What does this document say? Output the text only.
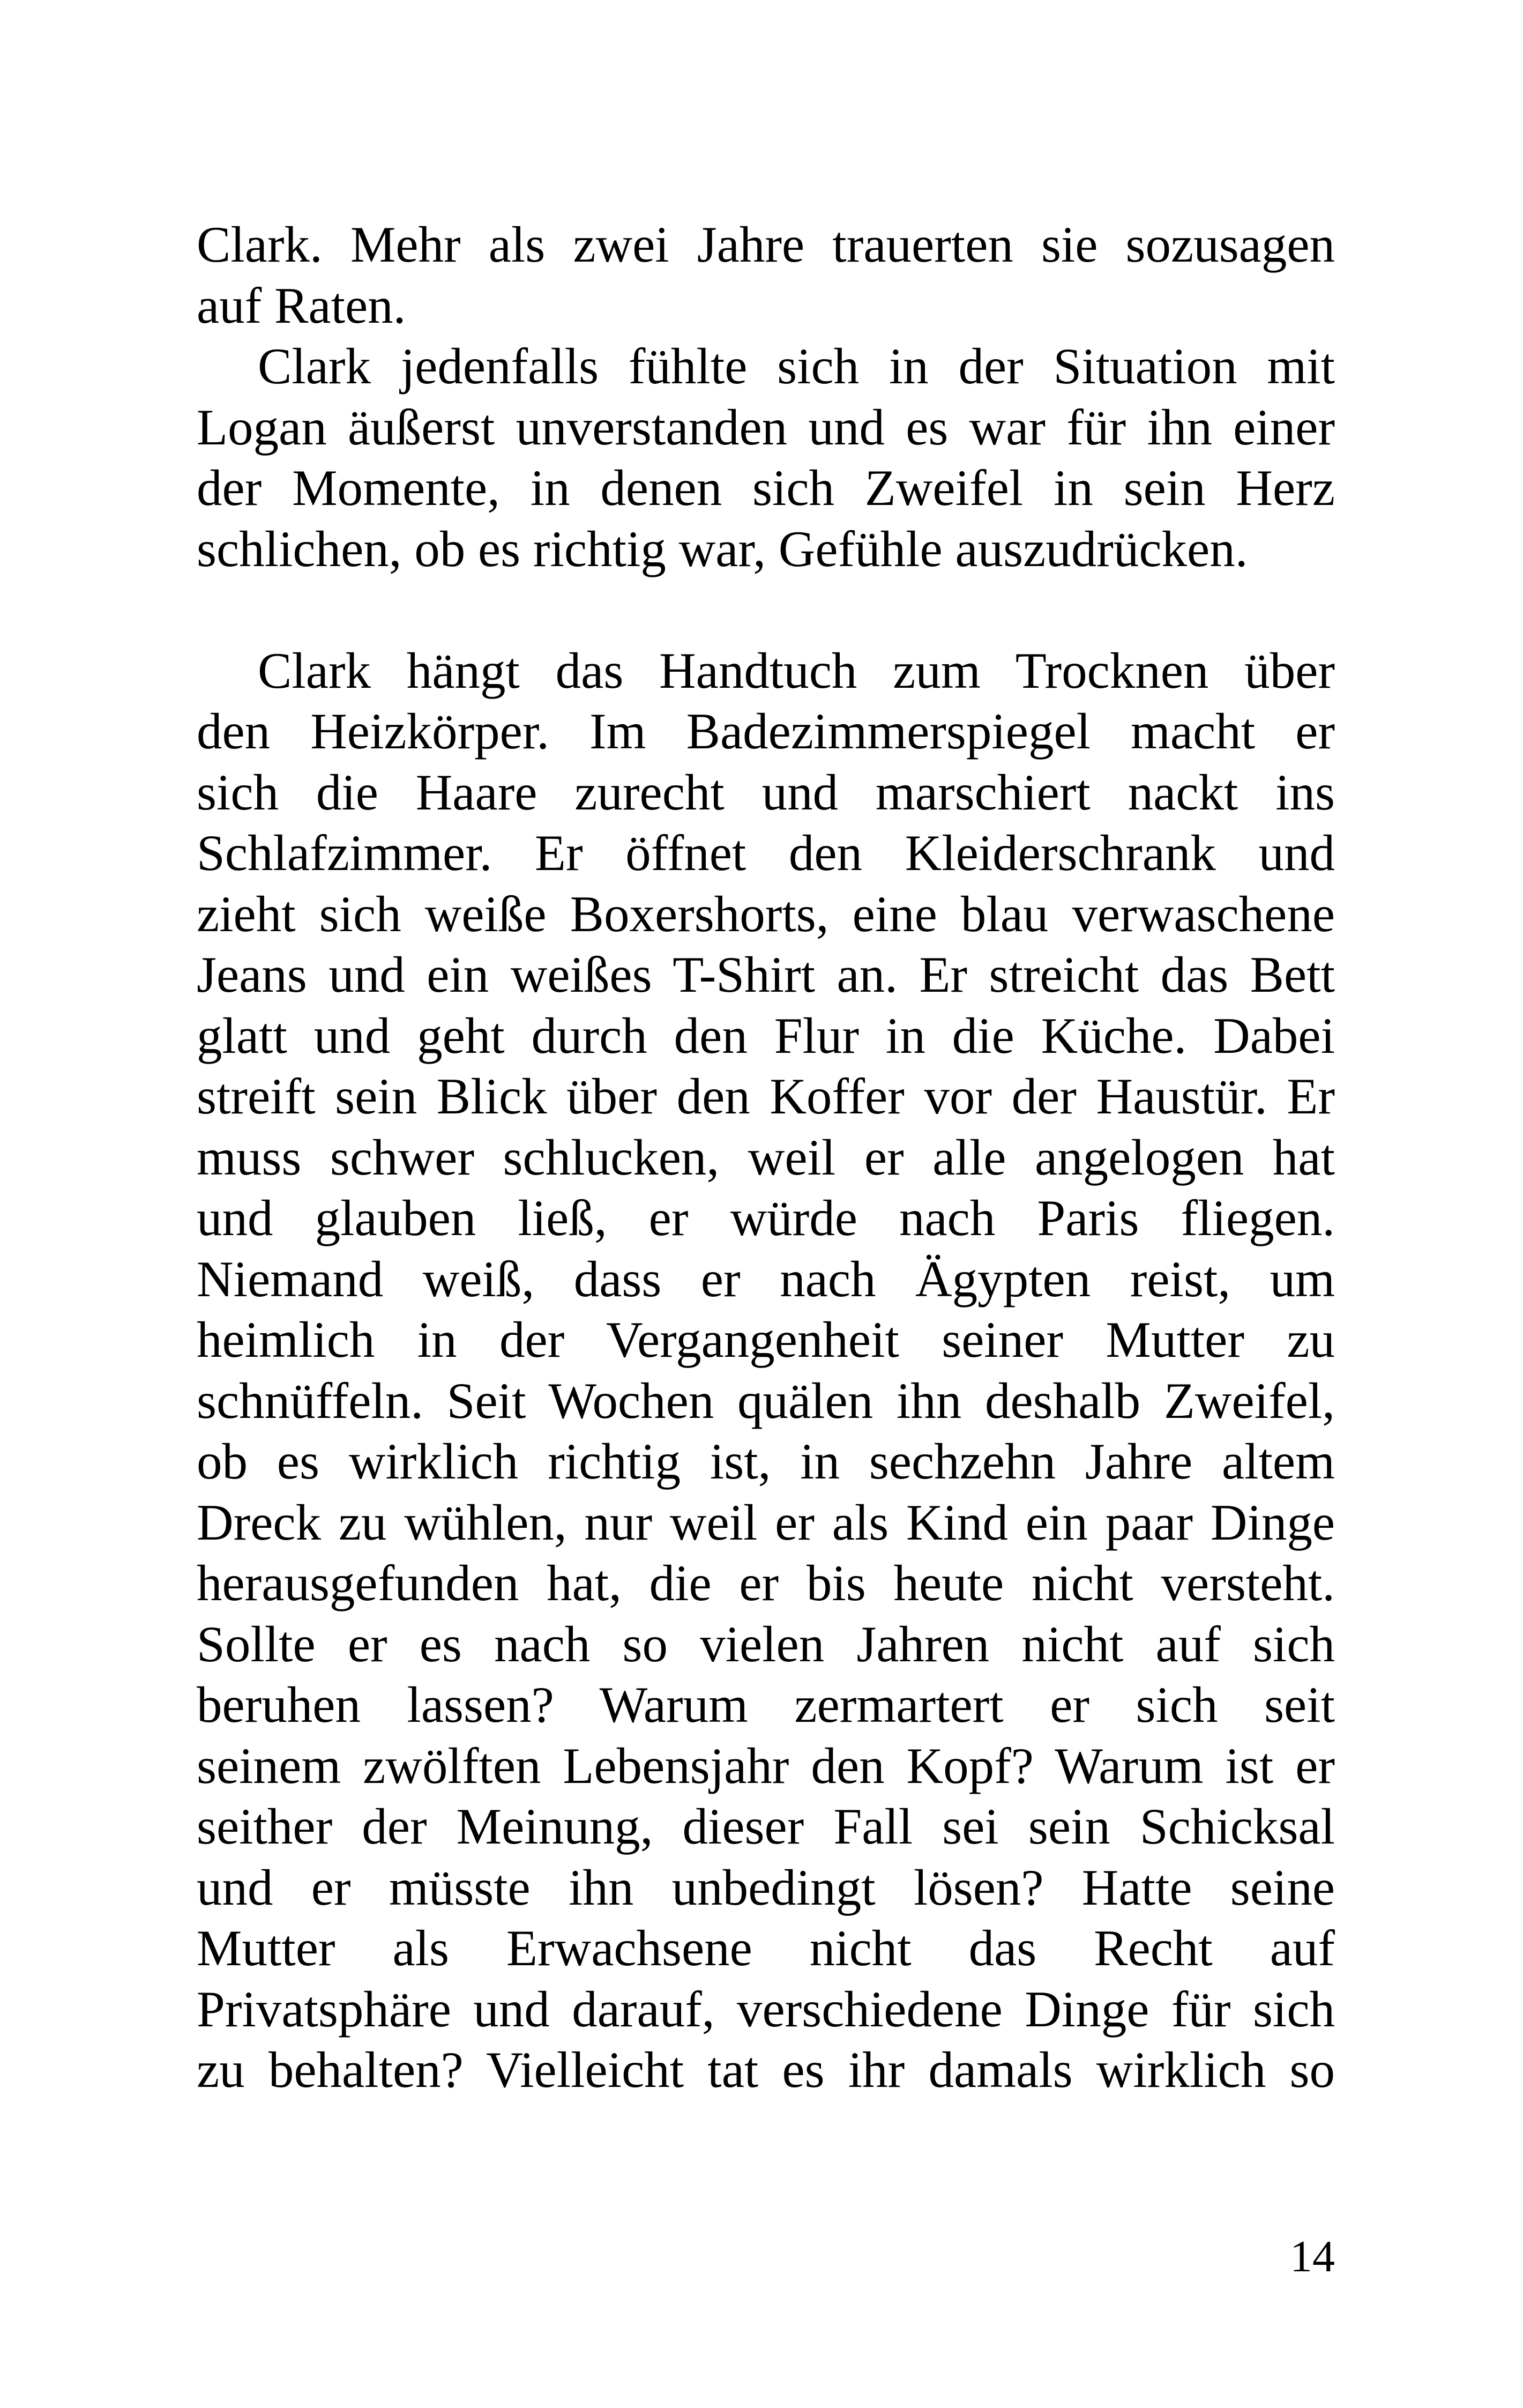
Clark. Mehr als zwei Jahre trauerten sie sozusagen
auf Raten.
Clark jedenfalls fühlte sich in der Situation mit
Logan äußerst unverstanden und es war für ihn einer
der Momente, in denen sich Zweifel in sein Herz
schlichen, ob es richtig war, Gefühle auszudrücken.
Clark hängt das Handtuch zum Trocknen über
den Heizkörper. Im Badezimmerspiegel macht er
sich die Haare zurecht und marschiert nackt ins
Schlafzimmer. Er öffnet den Kleiderschrank und
zieht sich weiße Boxershorts, eine blau verwaschene
Jeans und ein weißes T-Shirt an. Er streicht das Bett
glatt und geht durch den Flur in die Küche. Dabei
streift sein Blick über den Koffer vor der Haustür. Er
muss schwer schlucken, weil er alle angelogen hat
und glauben ließ, er würde nach Paris fliegen.
Niemand weiß, dass er nach Ägypten reist, um
heimlich in der Vergangenheit seiner Mutter zu
schnüffeln. Seit Wochen quälen ihn deshalb Zweifel,
ob es wirklich richtig ist, in sechzehn Jahre altem
Dreck zu wühlen, nur weil er als Kind ein paar Dinge
herausgefunden hat, die er bis heute nicht versteht.
Sollte er es nach so vielen Jahren nicht auf sich
beruhen lassen? Warum zermartert er sich seit
seinem zwölften Lebensjahr den Kopf? Warum ist er
seither der Meinung, dieser Fall sei sein Schicksal
und er müsste ihn unbedingt lösen? Hatte seine
Mutter als Erwachsene nicht das Recht auf
Privatsphäre und darauf, verschiedene Dinge für sich
zu behalten? Vielleicht tat es ihr damals wirklich so
14
